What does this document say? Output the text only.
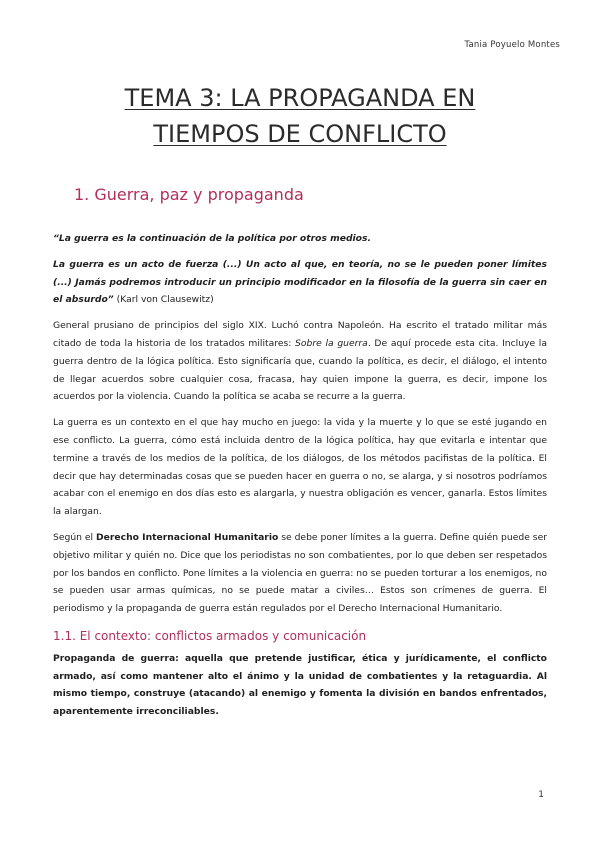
Tania Poyuelo Montes
TEMA 3: LA PROPAGANDA EN
TIEMPOS DE CONFLICTO
1. Guerra, paz y propaganda

“La guerra es la continuación de la política por otros medios.

La guerra es un acto de fuerza (...) Un acto al que, en teoría, no se le pueden poner límites (...) Jamás podremos introducir un principio modificador en la filosofía de la guerra sin caer en el absurdo” (Karl von Clausewitz)

General prusiano de principios del siglo XIX. Luchó contra Napoleón. Ha escrito el tratado militar más citado de toda la historia de los tratados militares: Sobre la guerra. De aquí procede esta cita. Incluye la guerra dentro de la lógica política. Esto significaría que, cuando la política, es decir, el diálogo, el intento de llegar acuerdos sobre cualquier cosa, fracasa, hay quien impone la guerra, es decir, impone los acuerdos por la violencia. Cuando la política se acaba se recurre a la guerra.

La guerra es un contexto en el que hay mucho en juego: la vida y la muerte y lo que se esté jugando en ese conflicto. La guerra, cómo está incluida dentro de la lógica política, hay que evitarla e intentar que termine a través de los medios de la política, de los diálogos, de los métodos pacifistas de la política. El decir que hay determinadas cosas que se pueden hacer en guerra o no, se alarga, y si nosotros podríamos acabar con el enemigo en dos días esto es alargarla, y nuestra obligación es vencer, ganarla. Estos límites la alargan.

Según el Derecho Internacional Humanitario se debe poner límites a la guerra. Define quién puede ser objetivo militar y quién no. Dice que los periodistas no son combatientes, por lo que deben ser respetados por los bandos en conflicto. Pone límites a la violencia en guerra: no se pueden torturar a los enemigos, no se pueden usar armas químicas, no se puede matar a civiles… Estos son crímenes de guerra. El periodismo y la propaganda de guerra están regulados por el Derecho Internacional Humanitario.

1.1. El contexto: conflictos armados y comunicación

Propaganda de guerra: aquella que pretende justificar, ética y jurídicamente, el conflicto armado, así como mantener alto el ánimo y la unidad de combatientes y la retaguardia. Al mismo tiempo, construye (atacando) al enemigo y fomenta la división en bandos enfrentados, aparentemente irreconciliables.

1
